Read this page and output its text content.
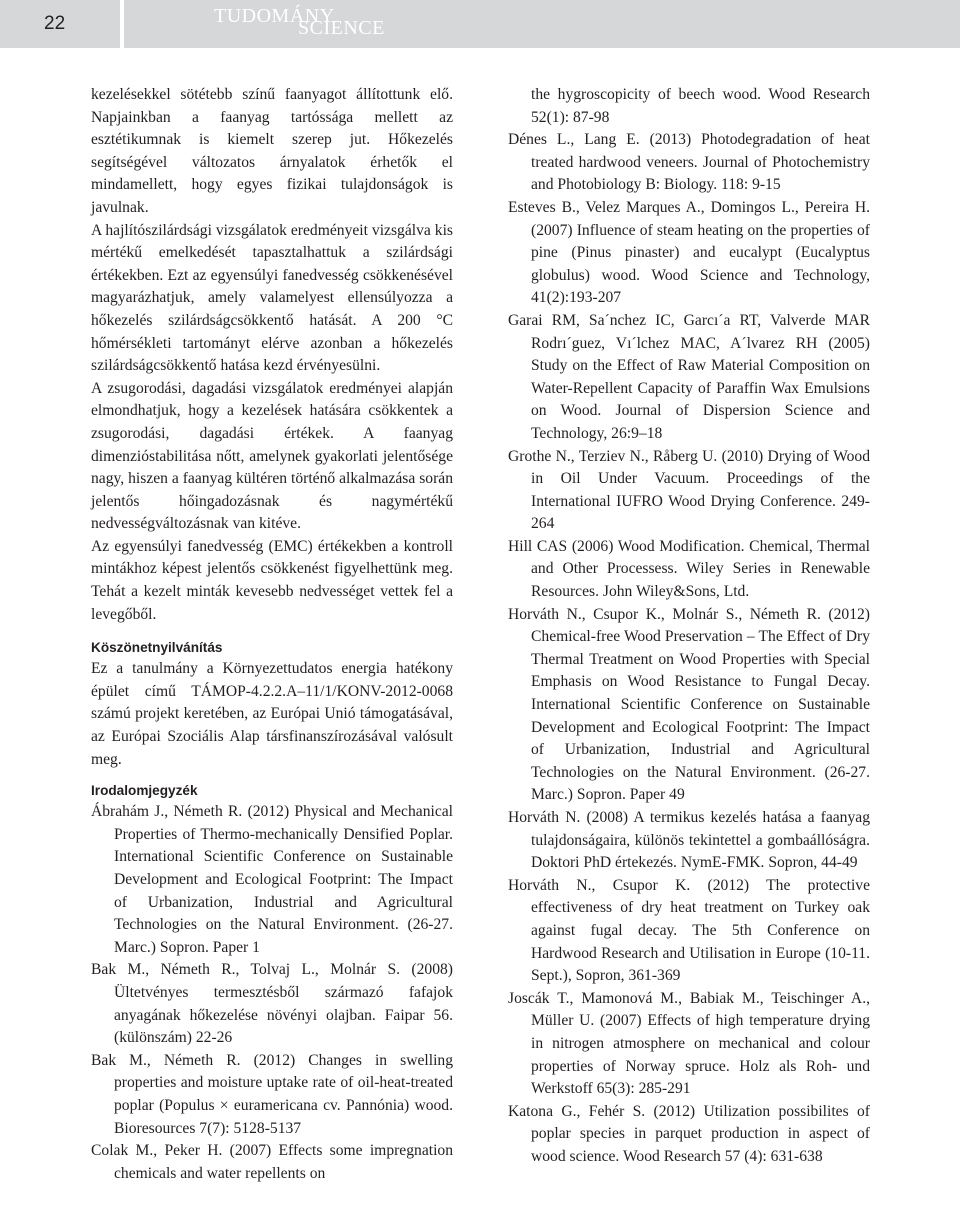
22	TUDOMÁNY
SCIENCE

kezelésekkel sötétebb színű faanyagot állítottunk elő. Napjainkban a faanyag tartóssága mellett az esztétikumnak is kiemelt szerep jut. Hőkezelés segítségével változatos árnyalatok érhetők el mindamellett, hogy egyes fizikai tulajdonságok is javulnak.

A hajlítószilárdsági vizsgálatok eredményeit vizsgálva kis mértékű emelkedését tapasztalhattuk a szilárdsági értékekben. Ezt az egyensúlyi fanedvesség csökkenésével magyarázhatjuk, amely valamelyest ellensúlyozza a hőkezelés szilárdságcsökkentő hatását. A 200 °C hőmérsékleti tartományt elérve azonban a hőkezelés szilárdságcsökkentő hatása kezd érvényesülni.

A zsugorodási, dagadási vizsgálatok eredményei alapján elmondhatjuk, hogy a kezelések hatására csökkentek a zsugorodási, dagadási értékek. A faanyag dimenzióstabilitása nőtt, amelynek gyakorlati jelentősége nagy, hiszen a faanyag kültéren történő alkalmazása során jelentős hőingadozásnak és nagymértékű nedvességváltozásnak van kitéve.

Az egyensúlyi fanedvesség (EMC) értékekben a kontroll mintákhoz képest jelentős csökkenést figyelhettünk meg. Tehát a kezelt minták kevesebb nedvességet vettek fel a levegőből.

Köszönetnyilvánítás

Ez a tanulmány a Környezettudatos energia hatékony épület című TÁMOP-4.2.2.A–11/1/KONV-2012-0068 számú projekt keretében, az Európai Unió támogatásával, az Európai Szociális Alap társfinanszírozásával valósult meg.

Irodalomjegyzék

Ábrahám J., Németh R. (2012) Physical and Mechanical Properties of Thermo-mechanically Densified Poplar. International Scientific Conference on Sustainable Development and Ecological Footprint: The Impact of Urbanization, Industrial and Agricultural Technologies on the Natural Environment. (26-27. Marc.) Sopron. Paper 1

Bak M., Németh R., Tolvaj L., Molnár S. (2008) Ültetvényes termesztésből származó fafajok anyagának hőkezelése növényi olajban. Faipar 56.(különszám) 22-26

Bak M., Németh R. (2012) Changes in swelling properties and moisture uptake rate of oil-heat-treated poplar (Populus × euramericana cv. Pannónia) wood. Bioresources 7(7): 5128-5137

Colak M., Peker H. (2007) Effects some impregnation chemicals and water repellents on

the hygroscopicity of beech wood. Wood Research 52(1): 87-98

Dénes L., Lang E. (2013) Photodegradation of heat treated hardwood veneers. Journal of Photochemistry and Photobiology B: Biology. 118: 9-15

Esteves B., Velez Marques A., Domingos L., Pereira H. (2007) Influence of steam heating on the properties of pine (Pinus pinaster) and eucalypt (Eucalyptus globulus) wood. Wood Science and Technology, 41(2):193-207

Garai RM, Sa´nchez IC, Garcı´a RT, Valverde MAR Rodrı´guez, Vı´lchez MAC, A´lvarez RH (2005) Study on the Effect of Raw Material Composition on Water-Repellent Capacity of Paraffin Wax Emulsions on Wood. Journal of Dispersion Science and Technology, 26:9–18

Grothe N., Terziev N., Råberg U. (2010) Drying of Wood in Oil Under Vacuum. Proceedings of the International IUFRO Wood Drying Conference. 249-264

Hill CAS (2006) Wood Modification. Chemical, Thermal and Other Processess. Wiley Series in Renewable Resources. John Wiley&Sons, Ltd.

Horváth N., Csupor K., Molnár S., Németh R. (2012) Chemical-free Wood Preservation – The Effect of Dry Thermal Treatment on Wood Properties with Special Emphasis on Wood Resistance to Fungal Decay. International Scientific Conference on Sustainable Development and Ecological Footprint: The Impact of Urbanization, Industrial and Agricultural Technologies on the Natural Environment. (26-27. Marc.) Sopron. Paper 49

Horváth N. (2008) A termikus kezelés hatása a faanyag tulajdonságaira, különös tekintettel a gombaállóságra. Doktori PhD értekezés. NymE-FMK. Sopron, 44-49

Horváth N., Csupor K. (2012) The protective effectiveness of dry heat treatment on Turkey oak against fugal decay. The 5th Conference on Hardwood Research and Utilisation in Europe (10-11. Sept.), Sopron, 361-369

Joscák T., Mamonová M., Babiak M., Teischinger A., Müller U. (2007) Effects of high temperature drying in nitrogen atmosphere on mechanical and colour properties of Norway spruce. Holz als Roh- und Werkstoff 65(3): 285-291

Katona G., Fehér S. (2012) Utilization possibilites of poplar species in parquet production in aspect of wood science. Wood Research 57 (4): 631-638
